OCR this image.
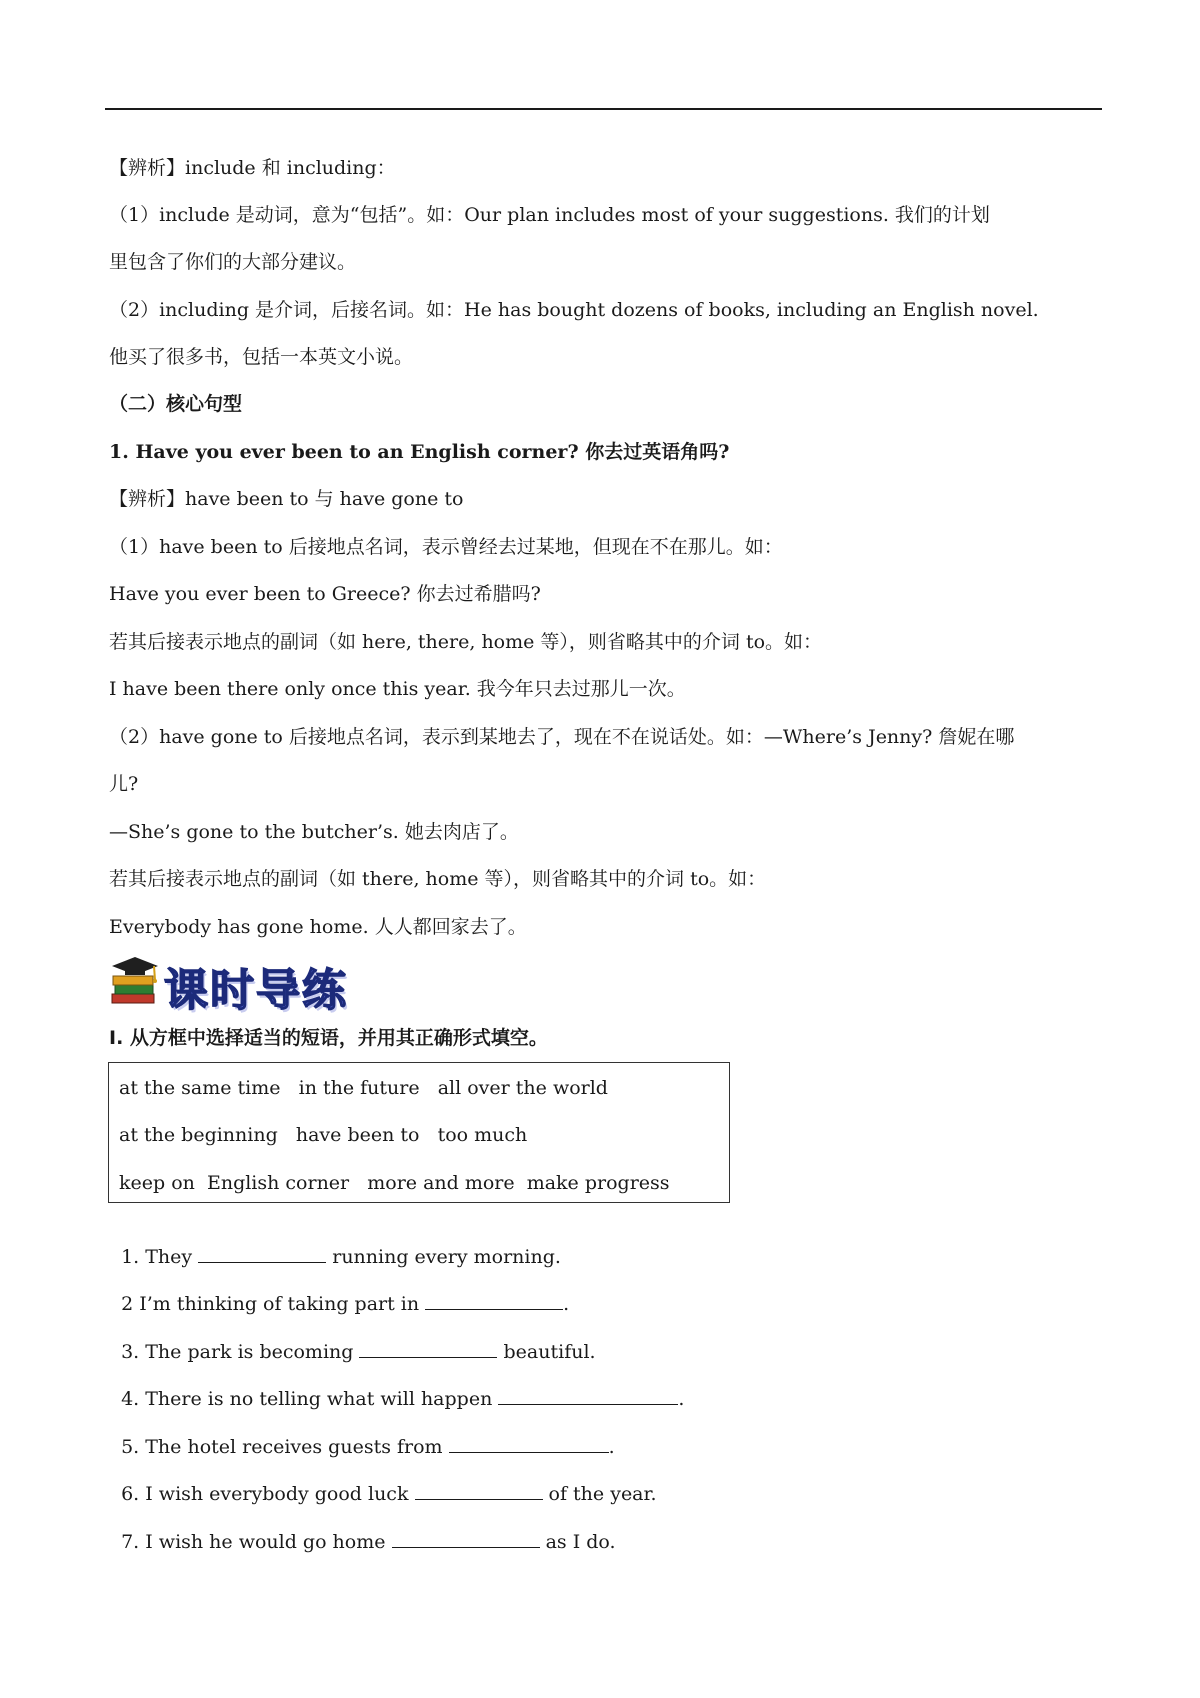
【辨析】include 和 including：
（1）include 是动词，意为“包括”。如：Our plan includes most of your suggestions. 我们的计划
里包含了你们的大部分建议。
（2）including 是介词，后接名词。如：He has bought dozens of books, including an English novel.
他买了很多书，包括一本英文小说。
（二）核心句型
1. Have you ever been to an English corner? 你去过英语角吗?
【辨析】have been to 与 have gone to
（1）have been to 后接地点名词，表示曾经去过某地，但现在不在那儿。如：
Have you ever been to Greece? 你去过希腊吗?
若其后接表示地点的副词（如 here, there, home 等），则省略其中的介词 to。如：
I have been there only once this year. 我今年只去过那儿一次。
（2）have gone to 后接地点名词，表示到某地去了，现在不在说话处。如：—Where’s Jenny? 詹妮在哪
儿?
—She’s gone to the butcher’s. 她去肉店了。
若其后接表示地点的副词（如 there, home 等），则省略其中的介词 to。如：
Everybody has gone home. 人人都回家去了。
课时导练
Ⅰ. 从方框中选择适当的短语，并用其正确形式填空。
at the same time   in the future   all over the world
at the beginning   have been to   too much
keep on  English corner   more and more  make progress

1. They	running every morning.

2 I’m thinking of taking part in	.

3. The park is becoming	beautiful.

4. There is no telling what will happen	.

5. The hotel receives guests from	.

6. I wish everybody good luck	of the year.

7. I wish he would go home	as I do.
